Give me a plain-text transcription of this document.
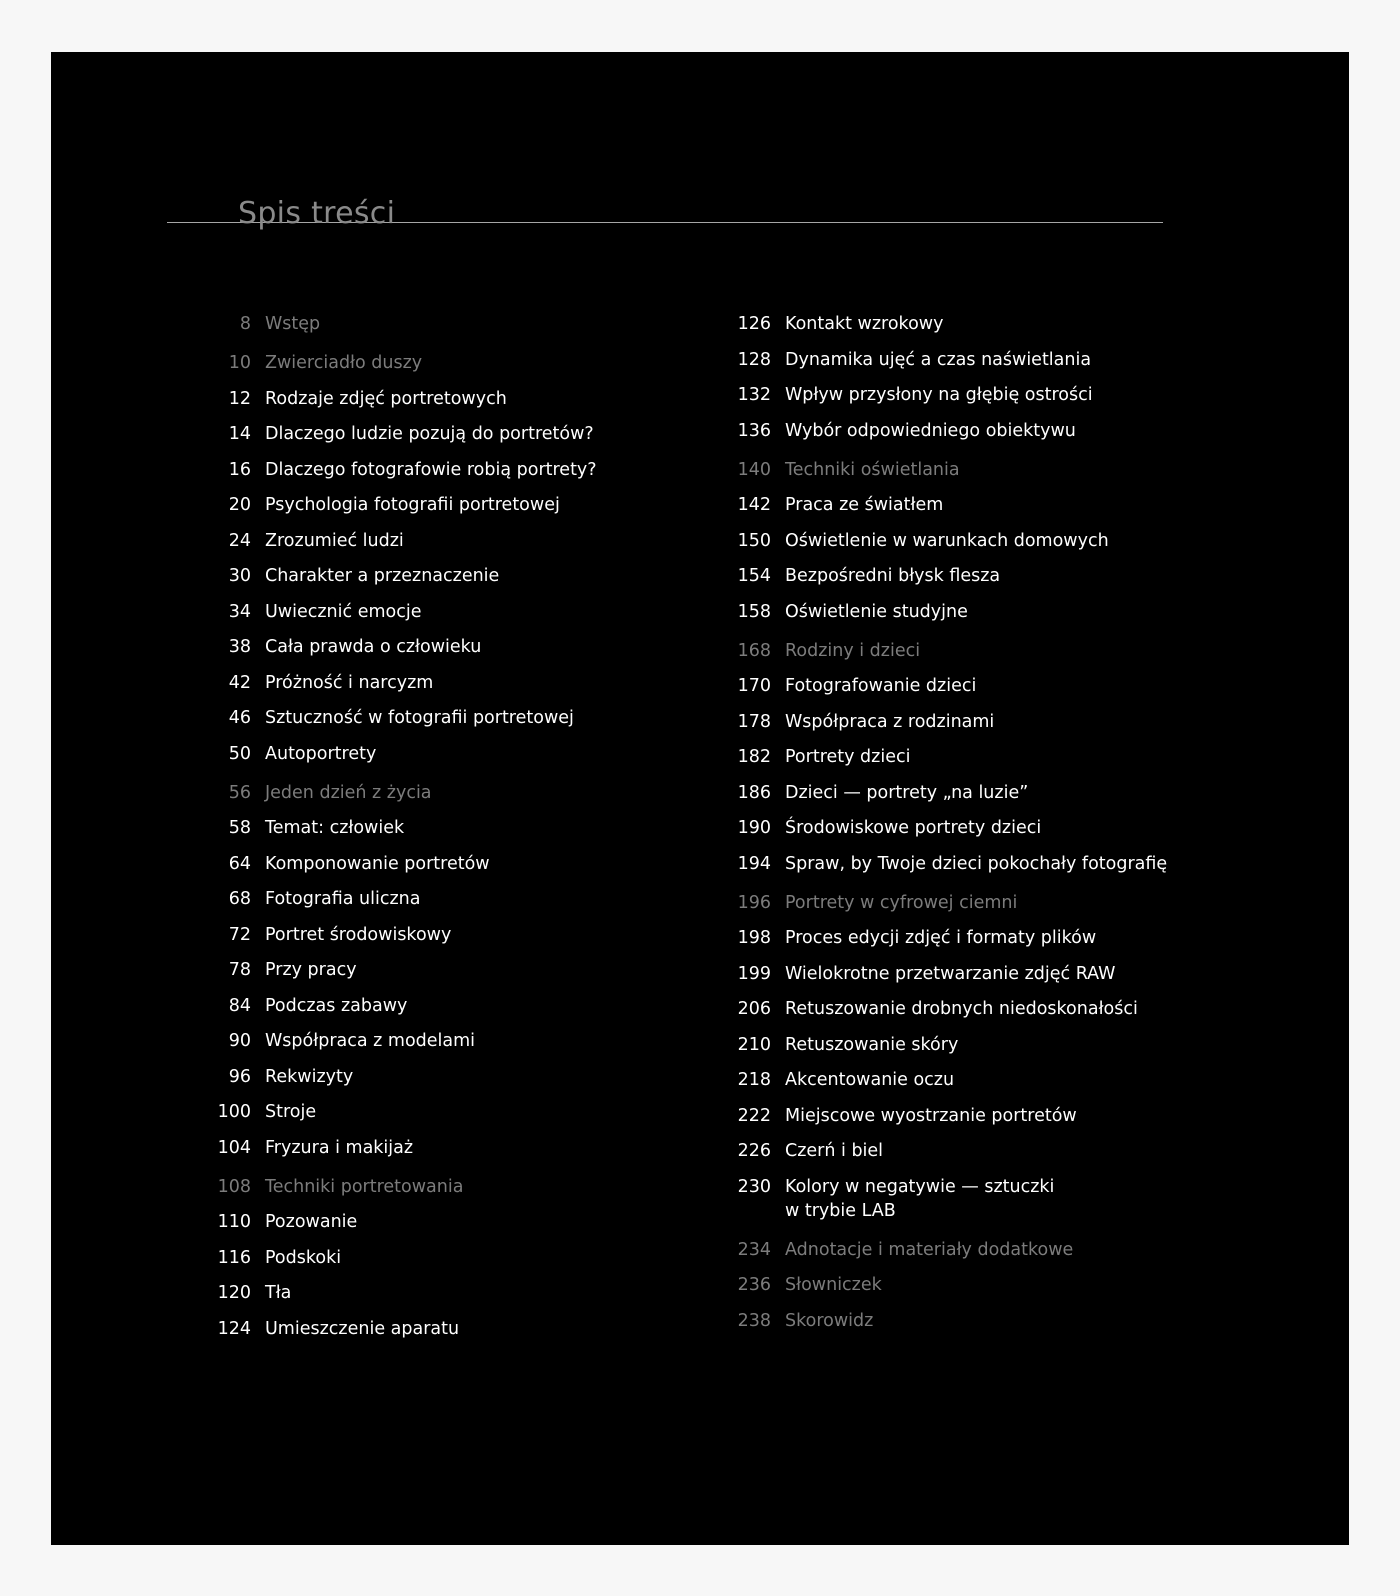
Spis treści
8 Wstęp
10 Zwierciadło duszy
12 Rodzaje zdjęć portretowych
14 Dlaczego ludzie pozują do portretów?
16 Dlaczego fotografowie robią portrety?
20 Psychologia fotografii portretowej
24 Zrozumieć ludzi
30 Charakter a przeznaczenie
34 Uwiecznić emocje
38 Cała prawda o człowieku
42 Próżność i narcyzm
46 Sztuczność w fotografii portretowej
50 Autoportrety
56 Jeden dzień z życia
58 Temat: człowiek
64 Komponowanie portretów
68 Fotografia uliczna
72 Portret środowiskowy
78 Przy pracy
84 Podczas zabawy
90 Współpraca z modelami
96 Rekwizyty
100 Stroje
104 Fryzura i makijaż
108 Techniki portretowania
110 Pozowanie
116 Podskoki
120 Tła
124 Umieszczenie aparatu
126 Kontakt wzrokowy
128 Dynamika ujęć a czas naświetlania
132 Wpływ przysłony na głębię ostrości
136 Wybór odpowiedniego obiektywu
140 Techniki oświetlania
142 Praca ze światłem
150 Oświetlenie w warunkach domowych
154 Bezpośredni błysk flesza
158 Oświetlenie studyjne
168 Rodziny i dzieci
170 Fotografowanie dzieci
178 Współpraca z rodzinami
182 Portrety dzieci
186 Dzieci — portrety „na luzie”
190 Środowiskowe portrety dzieci
194 Spraw, by Twoje dzieci pokochały fotografię
196 Portrety w cyfrowej ciemni
198 Proces edycji zdjęć i formaty plików
199 Wielokrotne przetwarzanie zdjęć RAW
206 Retuszowanie drobnych niedoskonałości
210 Retuszowanie skóry
218 Akcentowanie oczu
222 Miejscowe wyostrzanie portretów
226 Czerń i biel
230 Kolory w negatywie — sztuczki
w trybie LAB
234 Adnotacje i materiały dodatkowe
236 Słowniczek
238 Skorowidz
